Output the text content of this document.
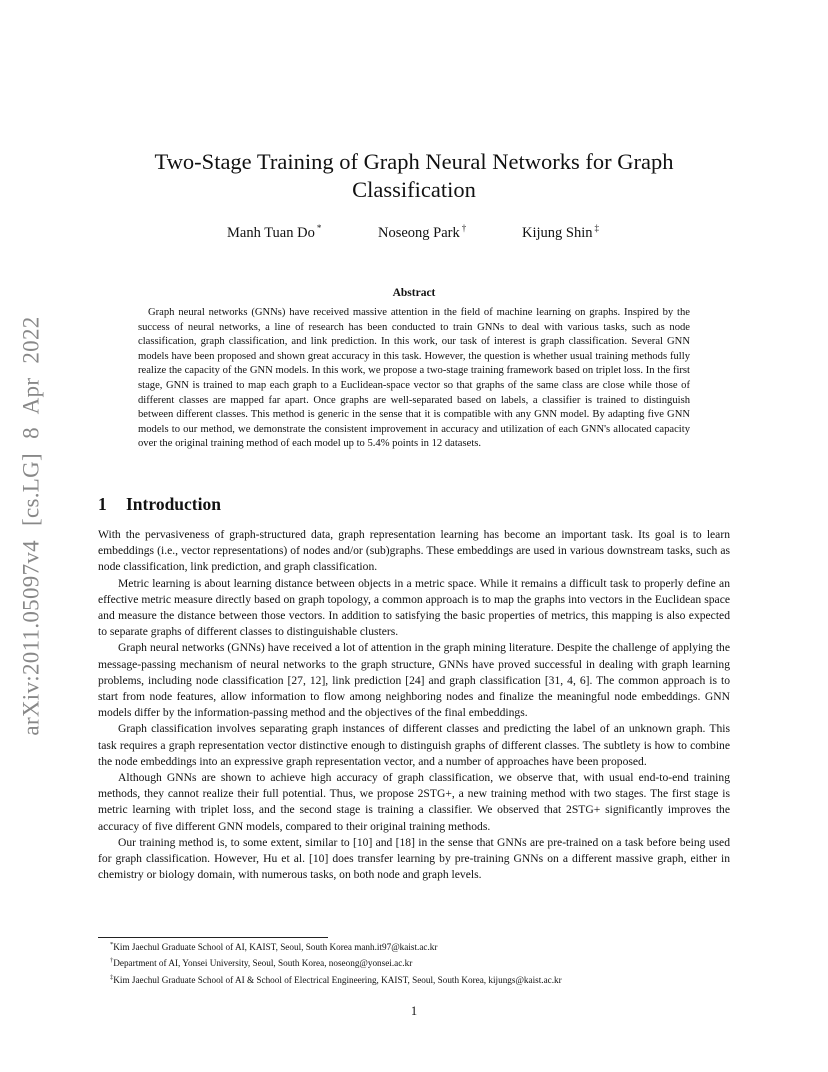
arXiv:2011.05097v4 [cs.LG] 8 Apr 2022
Two-Stage Training of Graph Neural Networks for Graph Classification
Manh Tuan Do *	Noseong Park †	Kijung Shin ‡
Abstract

Graph neural networks (GNNs) have received massive attention in the field of machine learning on graphs. Inspired by the success of neural networks, a line of research has been conducted to train GNNs to deal with various tasks, such as node classification, graph classification, and link prediction. In this work, our task of interest is graph classification. Several GNN models have been proposed and shown great accuracy in this task. However, the question is whether usual training methods fully realize the capacity of the GNN models. In this work, we propose a two-stage training framework based on triplet loss. In the first stage, GNN is trained to map each graph to a Euclidean-space vector so that graphs of the same class are close while those of different classes are mapped far apart. Once graphs are well-separated based on labels, a classifier is trained to distinguish between different classes. This method is generic in the sense that it is compatible with any GNN model. By adapting five GNN models to our method, we demonstrate the consistent improvement in accuracy and utilization of each GNN's allocated capacity over the original training method of each model up to 5.4% points in 12 datasets.

1 Introduction

With the pervasiveness of graph-structured data, graph representation learning has become an important task. Its goal is to learn embeddings (i.e., vector representations) of nodes and/or (sub)graphs. These embeddings are used in various downstream tasks, such as node classification, link prediction, and graph classification.

Metric learning is about learning distance between objects in a metric space. While it remains a difficult task to properly define an effective metric measure directly based on graph topology, a common approach is to map the graphs into vectors in the Euclidean space and measure the distance between those vectors. In addition to satisfying the basic properties of metrics, this mapping is also expected to separate graphs of different classes to distinguishable clusters.

Graph neural networks (GNNs) have received a lot of attention in the graph mining literature. Despite the challenge of applying the message-passing mechanism of neural networks to the graph structure, GNNs have proved successful in dealing with graph learning problems, including node classification [27, 12], link prediction [24] and graph classification [31, 4, 6]. The common approach is to start from node features, allow information to flow among neighboring nodes and finalize the meaningful node embeddings. GNN models differ by the information-passing method and the objectives of the final embeddings.

Graph classification involves separating graph instances of different classes and predicting the label of an unknown graph. This task requires a graph representation vector distinctive enough to distinguish graphs of different classes. The subtlety is how to combine the node embeddings into an expressive graph representation vector, and a number of approaches have been proposed.

Although GNNs are shown to achieve high accuracy of graph classification, we observe that, with usual end-to-end training methods, they cannot realize their full potential. Thus, we propose 2STG+, a new training method with two stages. The first stage is metric learning with triplet loss, and the second stage is training a classifier. We observed that 2STG+ significantly improves the accuracy of five different GNN models, compared to their original training methods.

Our training method is, to some extent, similar to [10] and [18] in the sense that GNNs are pre-trained on a task before being used for graph classification. However, Hu et al. [10] does transfer learning by pre-training GNNs on a different massive graph, either in chemistry or biology domain, with numerous tasks, on both node and graph levels.

*Kim Jaechul Graduate School of AI, KAIST, Seoul, South Korea manh.it97@kaist.ac.kr
†Department of AI, Yonsei University, Seoul, South Korea, noseong@yonsei.ac.kr
‡Kim Jaechul Graduate School of AI & School of Electrical Engineering, KAIST, Seoul, South Korea, kijungs@kaist.ac.kr
1
